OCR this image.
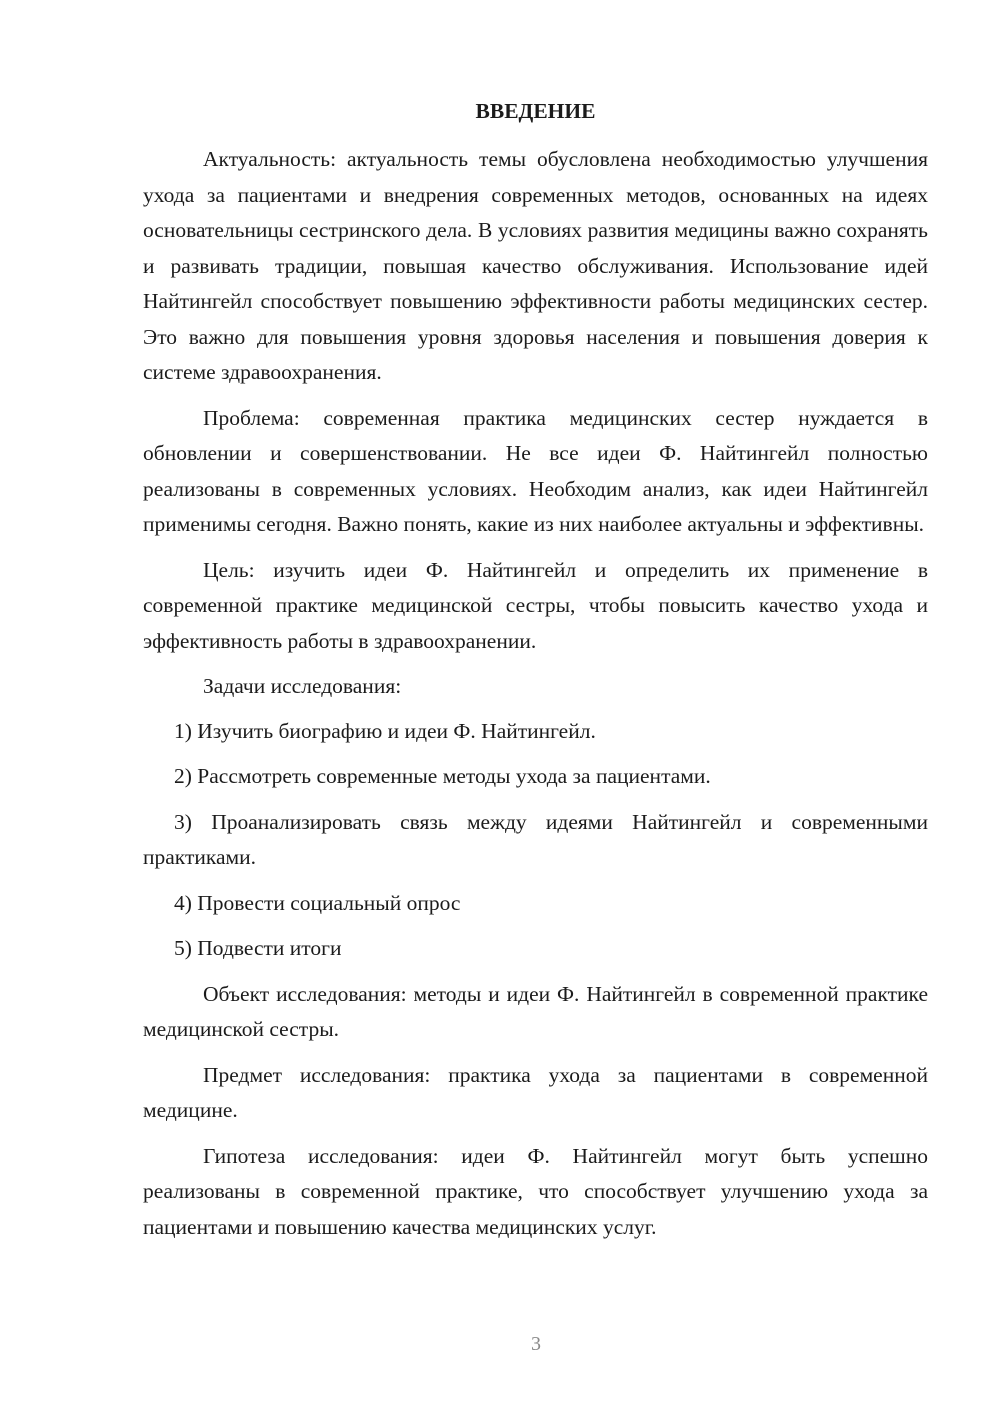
ВВЕДЕНИЕ

Актуальность: актуальность темы обусловлена необходимостью улучшения ухода за пациентами и внедрения современных методов, основанных на идеях основательницы сестринского дела. В условиях развития медицины важно сохранять и развивать традиции, повышая качество обслуживания. Использование идей Найтингейл способствует повышению эффективности работы медицинских сестер. Это важно для повышения уровня здоровья населения и повышения доверия к системе здравоохранения.

Проблема: современная практика медицинских сестер нуждается в обновлении и совершенствовании. Не все идеи Ф. Найтингейл полностью реализованы в современных условиях. Необходим анализ, как идеи Найтингейл применимы сегодня. Важно понять, какие из них наиболее актуальны и эффективны.

Цель: изучить идеи Ф. Найтингейл и определить их применение в современной практике медицинской сестры, чтобы повысить качество ухода и эффективность работы в здравоохранении.

Задачи исследования:

1) Изучить биографию и идеи Ф. Найтингейл.

2) Рассмотреть современные методы ухода за пациентами.

3) Проанализировать связь между идеями Найтингейл и современными практиками.

4) Провести социальный опрос

5) Подвести итоги

Объект исследования: методы и идеи Ф. Найтингейл в современной практике медицинской сестры.

Предмет исследования: практика ухода за пациентами в современной медицине.

Гипотеза исследования: идеи Ф. Найтингейл могут быть успешно реализованы в современной практике, что способствует улучшению ухода за пациентами и повышению качества медицинских услуг.

3
